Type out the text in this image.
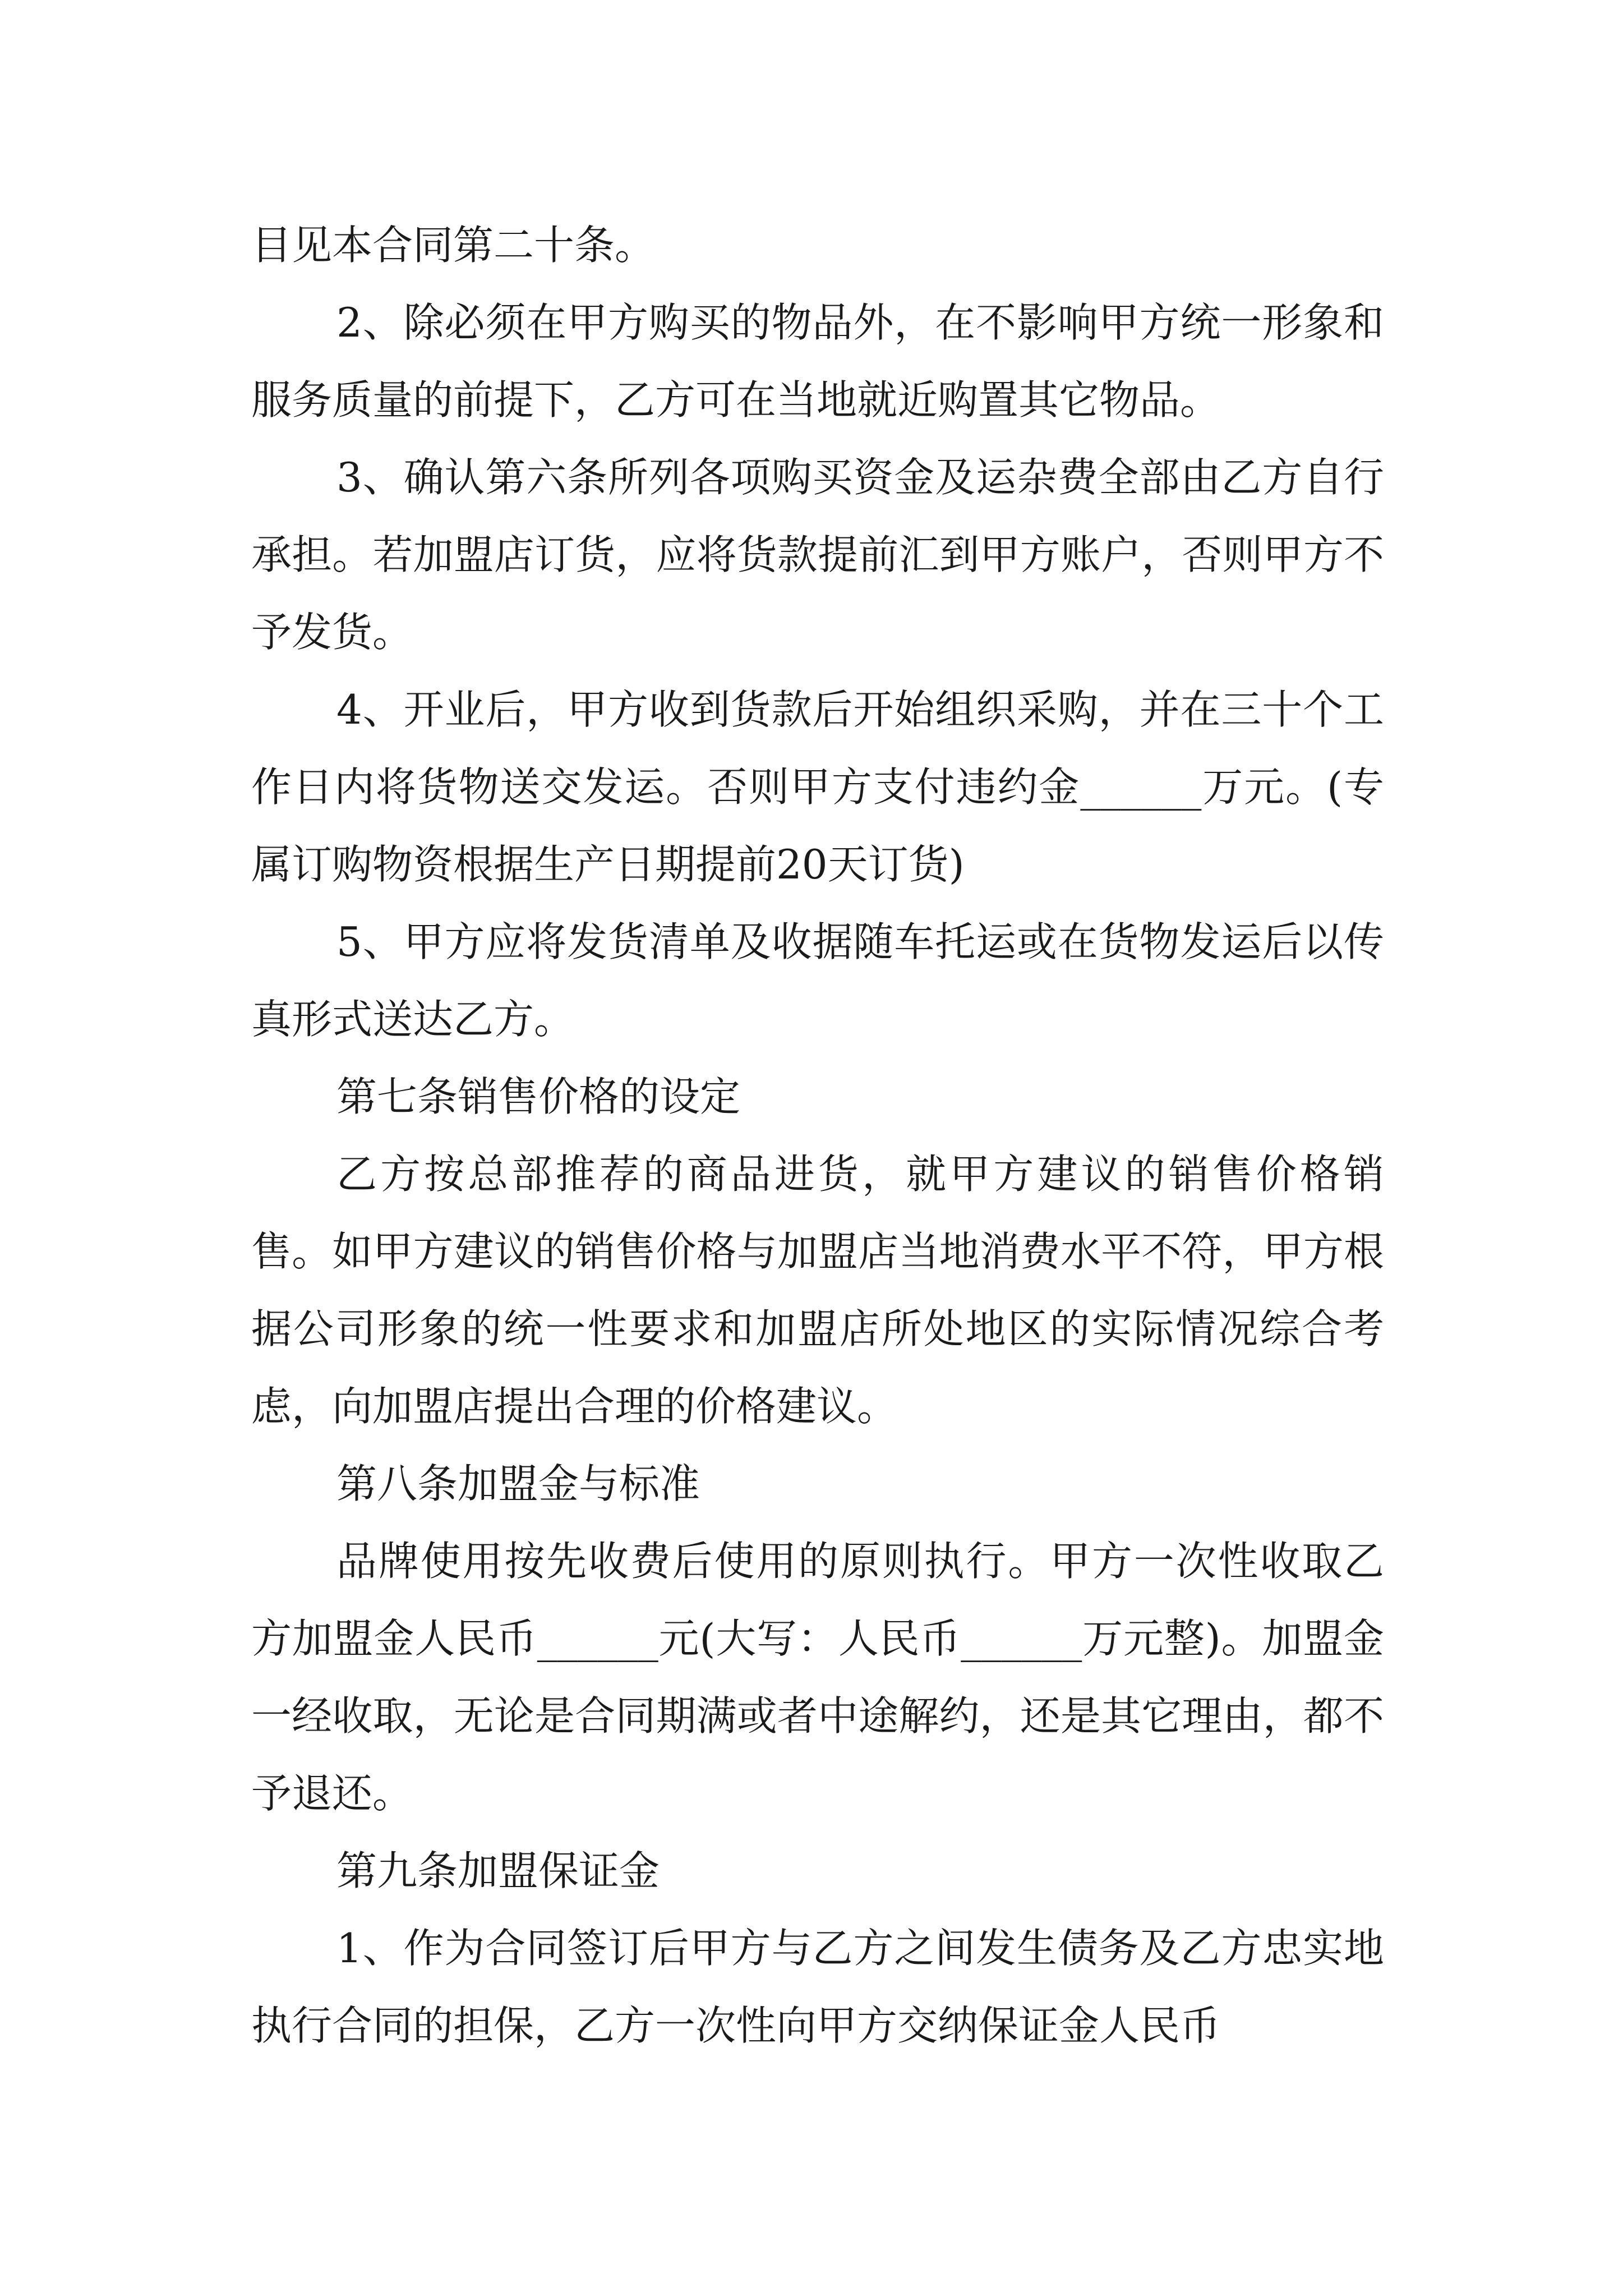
目见本合同第二十条。

2、除必须在甲方购买的物品外，在不影响甲方统一形象和服务质量的前提下，乙方可在当地就近购置其它物品。

3、确认第六条所列各项购买资金及运杂费全部由乙方自行承担。若加盟店订货，应将货款提前汇到甲方账户，否则甲方不予发货。

4、开业后，甲方收到货款后开始组织采购，并在三十个工作日内将货物送交发运。否则甲方支付违约金______万元。(专属订购物资根据生产日期提前20天订货)

5、甲方应将发货清单及收据随车托运或在货物发运后以传真形式送达乙方。

第七条销售价格的设定

乙方按总部推荐的商品进货，就甲方建议的销售价格销售。如甲方建议的销售价格与加盟店当地消费水平不符，甲方根据公司形象的统一性要求和加盟店所处地区的实际情况综合考虑，向加盟店提出合理的价格建议。

第八条加盟金与标准

品牌使用按先收费后使用的原则执行。甲方一次性收取乙方加盟金人民币______元(大写：人民币______万元整)。加盟金一经收取，无论是合同期满或者中途解约，还是其它理由，都不予退还。

第九条加盟保证金

1、作为合同签订后甲方与乙方之间发生债务及乙方忠实地执行合同的担保，乙方一次性向甲方交纳保证金人民币
